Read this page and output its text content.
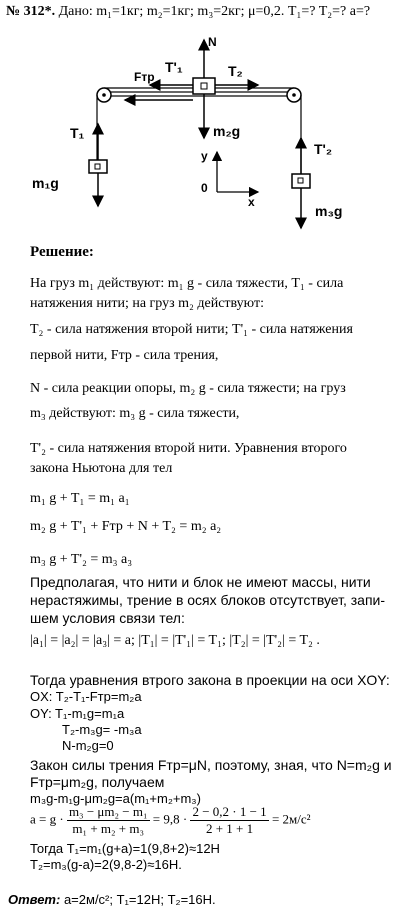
№ 312*. Дано: m₁=1кг; m₂=1кг; m₃=2кг; μ=0,2. T₁=? T₂=? a=?
N
T'₁
Fтр	T₂
T₁	m₂g
y
0
x
m₁g
T'₂
m₃g
Решение:
На груз m₁ действуют: m₁ g - сила тяжести, T₁ - сила
натяжения нити; на груз m₂ действуют:
T₂ - сила натяжения второй нити; T'₁ - сила натяжения
первой нити, Fтр - сила трения,
N - сила реакции опоры, m₂ g - сила тяжести; на груз
m₃ действуют: m₃ g - сила тяжести,
T'₂ - сила натяжения второй нити. Уравнения второго
закона Ньютона для тел
m₁ g + T₁ = m₁ a₁
m₂ g + T'₁ + Fтр + N + T₂ = m₂ a₂
m₃ g + T'₂ = m₃ a₃
Предполагая, что нити и блок не имеют массы, нити
нерастяжимы, трение в осях блоков отсутствует, запи-
шем условия связи тел:
|a₁| = |a₂| = |a₃| = a; |T₁| = |T'₁| = T₁; |T₂| = |T'₂| = T₂ .
Тогда уравнения втрого закона в проекции на оси XOY:
OX: T₂-T₁-Fтр=m₂a
OY: T₁-m₁g=m₁a
T₂-m₃g= -m₃a
N-m₂g=0
Закон силы трения Fтр=μN, поэтому, зная, что N=m₂g и
Fтр=μm₂g, получаем
m₃g-m₁g-μm₂g=a(m₁+m₂+m₃)
$a = g \cdot \frac{\text{m₃ − μm₂ − m₁}}{\text{m₁ + m₂ + m₃}} = 9,8 \cdot \frac{2 - 0,2 \cdot 1 - 1}{2 + 1 + 1} = 2м/с^2$
Тогда T₁=m₁(g+a)=1(9,8+2)≈12Н
T₂=m₃(g-a)=2(9,8-2)≈16Н.
Ответ: a=2м/с²; T₁=12Н; T₂=16Н.
